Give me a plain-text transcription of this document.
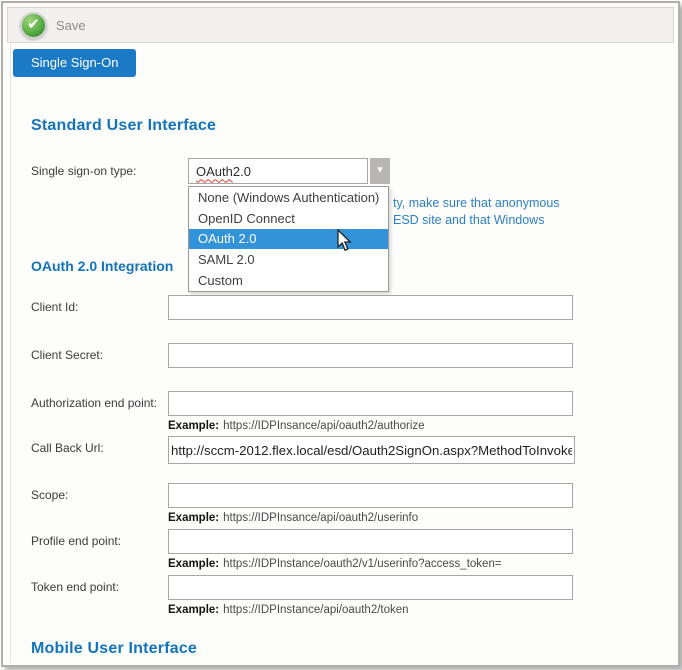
✔ Save
Single Sign-On
Standard User Interface
Single sign-on type:	OAuth 2.0	▼
ty, make sure that anonymous
ESD site and that Windows
None (Windows Authentication)
OpenID Connect
OAuth 2.0
SAML 2.0
Custom
OAuth 2.0 Integration
Client Id:
Client Secret:
Authorization end point:
Example: https://IDPInsance/api/oauth2/authorize
Call Back Url:
http://sccm-2012.flex.local/esd/Oauth2SignOn.aspx?MethodToInvoke
Scope:
Example: https://IDPInsance/api/oauth2/userinfo
Profile end point:
Example: https://IDPInstance/oauth2/v1/userinfo?access_token=
Token end point:
Example: https://IDPInstance/api/oauth2/token
Mobile User Interface
